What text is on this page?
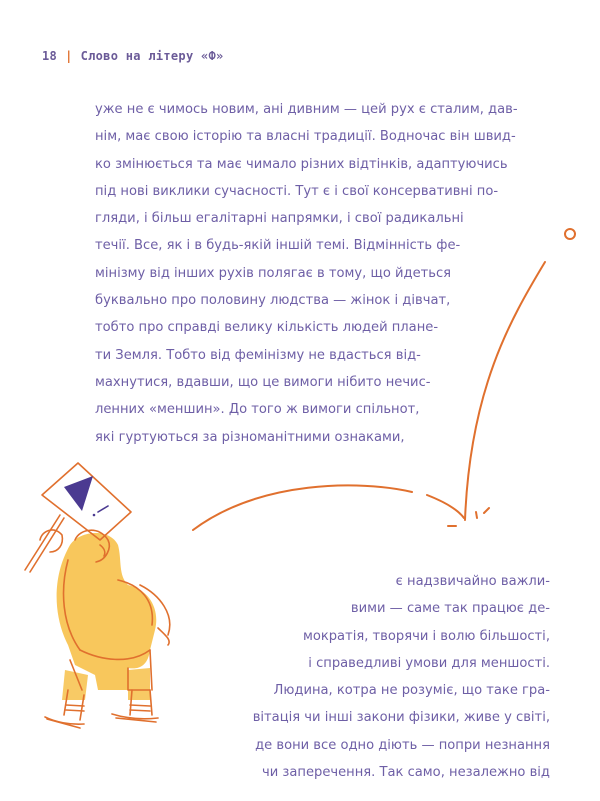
18 | Слово на літеру «Ф»
уже не є чимось новим, ані дивним — цей рух є сталим, дав-
нім, має свою історію та власні традиції. Водночас він швид-
ко змінюється та має чимало різних відтінків, адаптуючись
під нові виклики сучасності. Тут є і свої консервативні по-
гляди, і більш егалітарні напрямки, і свої радикальні
течії. Все, як і в будь-якій іншій темі. Відмінність фе-
мінізму від інших рухів полягає в тому, що йдеться
буквально про половину людства — жінок і дівчат,
тобто про справді велику кількість людей плане-
ти Земля. Тобто від фемінізму не вдасться від-
махнутися, вдавши, що це вимоги нібито нечис-
ленних «меншин». До того ж вимоги спільнот,
які гуртуються за різноманітними ознаками,
є надзвичайно важли-
вими — саме так працює де-
мократія, творячи і волю більшості,
і справедливі умови для меншості.
Людина, котра не розуміє, що таке гра-
вітація чи інші закони фізики, живе у світі,
де вони все одно діють — попри незнання
чи заперечення. Так само, незалежно від
